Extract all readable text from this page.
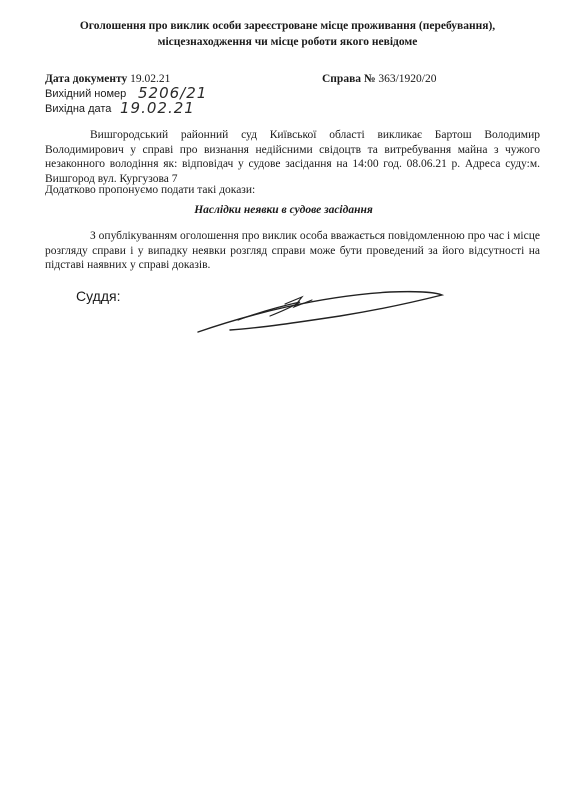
Оголошення про виклик особи зареєстроване місце проживання (перебування),
місцезнаходження чи місце роботи якого невідоме
Дата документу 19.02.21	Справа № 363/1920/20
Вихідний номер 5206/21
Вихідна дата 19.02.21
Вишгородський районний суд Київської області викликає Бартош Володимир Володимирович у справі про визнання недійсними свідоцтв та витребування майна з чужого незаконного володіння як: відповідач у судове засідання на 14:00 год. 08.06.21 р. Адреса суду:м. Вишгород вул. Кургузова 7
Додатково пропонуємо подати такі докази:
Наслідки неявки в судове засідання
З опублікуванням оголошення про виклик особа вважається повідомленною про час і місце розгляду справи і у випадку неявки розгляд справи може бути проведений за його відсутності на підставі наявних у справі доказів.
Суддя:
